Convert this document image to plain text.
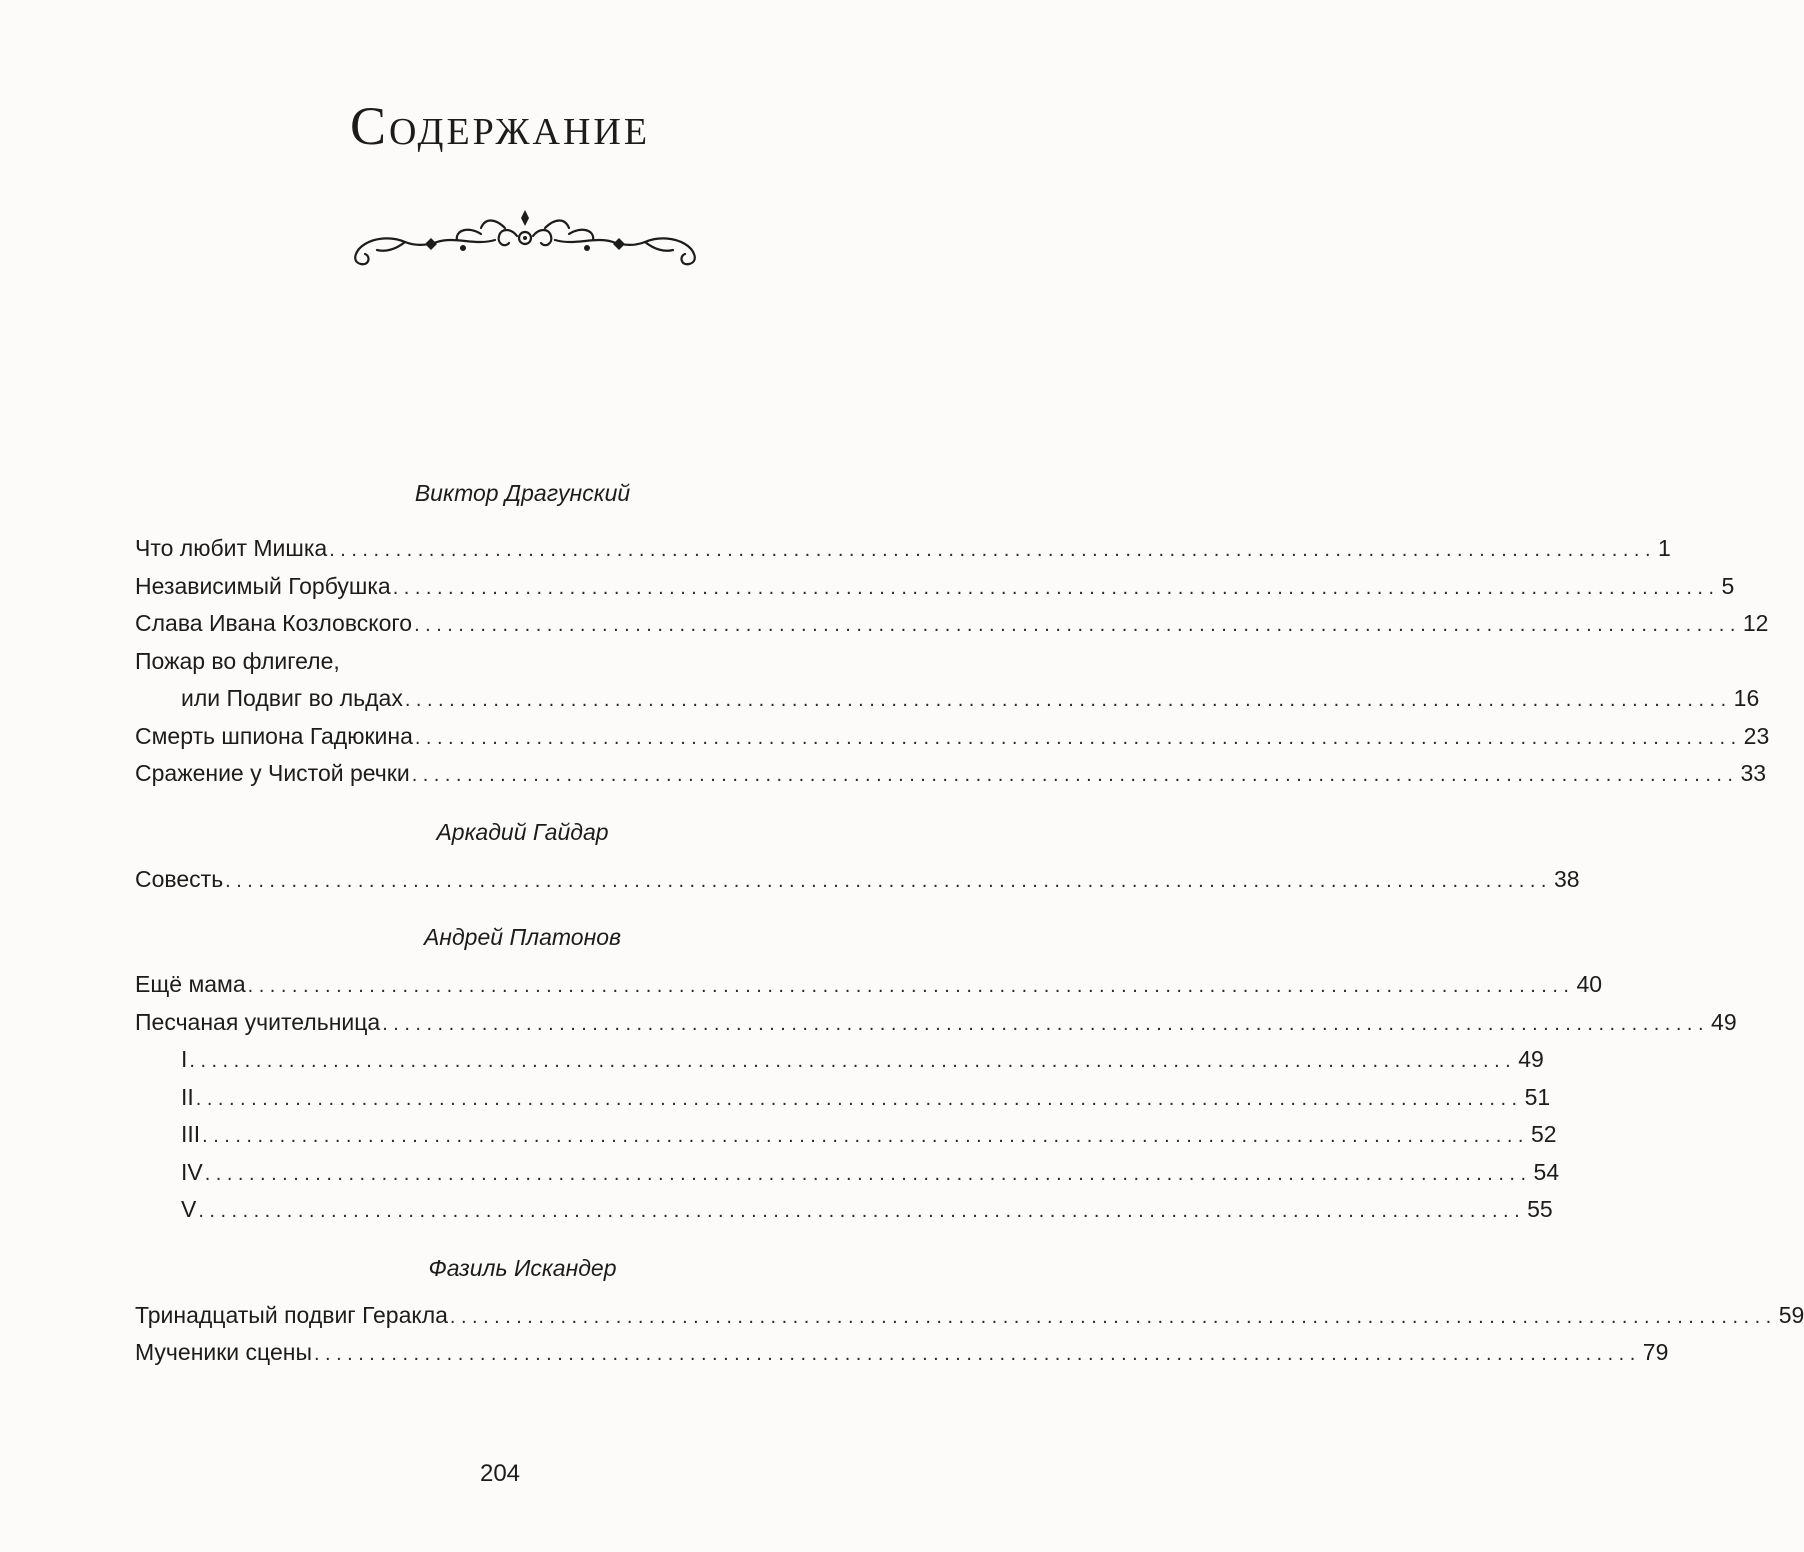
Содержание
Виктор Драгунский
Что любит Мишка ........................................................................................................................ 1
Независимый Горбушка ........................................................................................................................ 5
Слава Ивана Козловского ........................................................................................................................ 12
Пожар во флигеле,
или Подвиг во льдах ........................................................................................................................ 16
Смерть шпиона Гадюкина ........................................................................................................................ 23
Сражение у Чистой речки ........................................................................................................................ 33
Аркадий Гайдар
Совесть ........................................................................................................................ 38
Андрей Платонов
Ещё мама ........................................................................................................................ 40
Песчаная учительница ........................................................................................................................ 49
I ........................................................................................................................ 49
II ........................................................................................................................ 51
III ........................................................................................................................ 52
IV ........................................................................................................................ 54
V ........................................................................................................................ 55
Фазиль Искандер
Тринадцатый подвиг Геракла ........................................................................................................................ 59
Мученики сцены ........................................................................................................................ 79
204
